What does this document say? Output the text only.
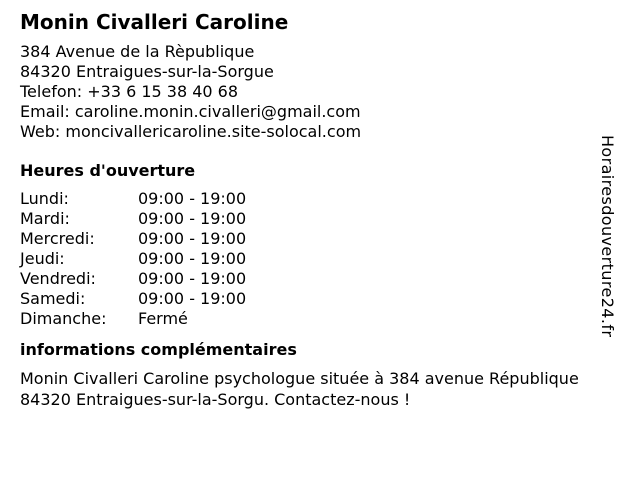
Monin Civalleri Caroline
384 Avenue de la Rèpublique
84320 Entraigues-sur-la-Sorgue
Telefon: +33 6 15 38 40 68
Email: caroline.monin.civalleri@gmail.com
Web: moncivallericaroline.site-solocal.com
Heures d'ouverture
Lundi:	09:00 - 19:00
Mardi:	09:00 - 19:00
Mercredi:	09:00 - 19:00
Jeudi:	09:00 - 19:00
Vendredi:	09:00 - 19:00
Samedi:	09:00 - 19:00
Dimanche:	Fermé
informations complémentaires
Monin Civalleri Caroline psychologue située à 384 avenue République 84320 Entraigues-sur-la-Sorgu. Contactez-nous !
Horairesdouverture24.fr
